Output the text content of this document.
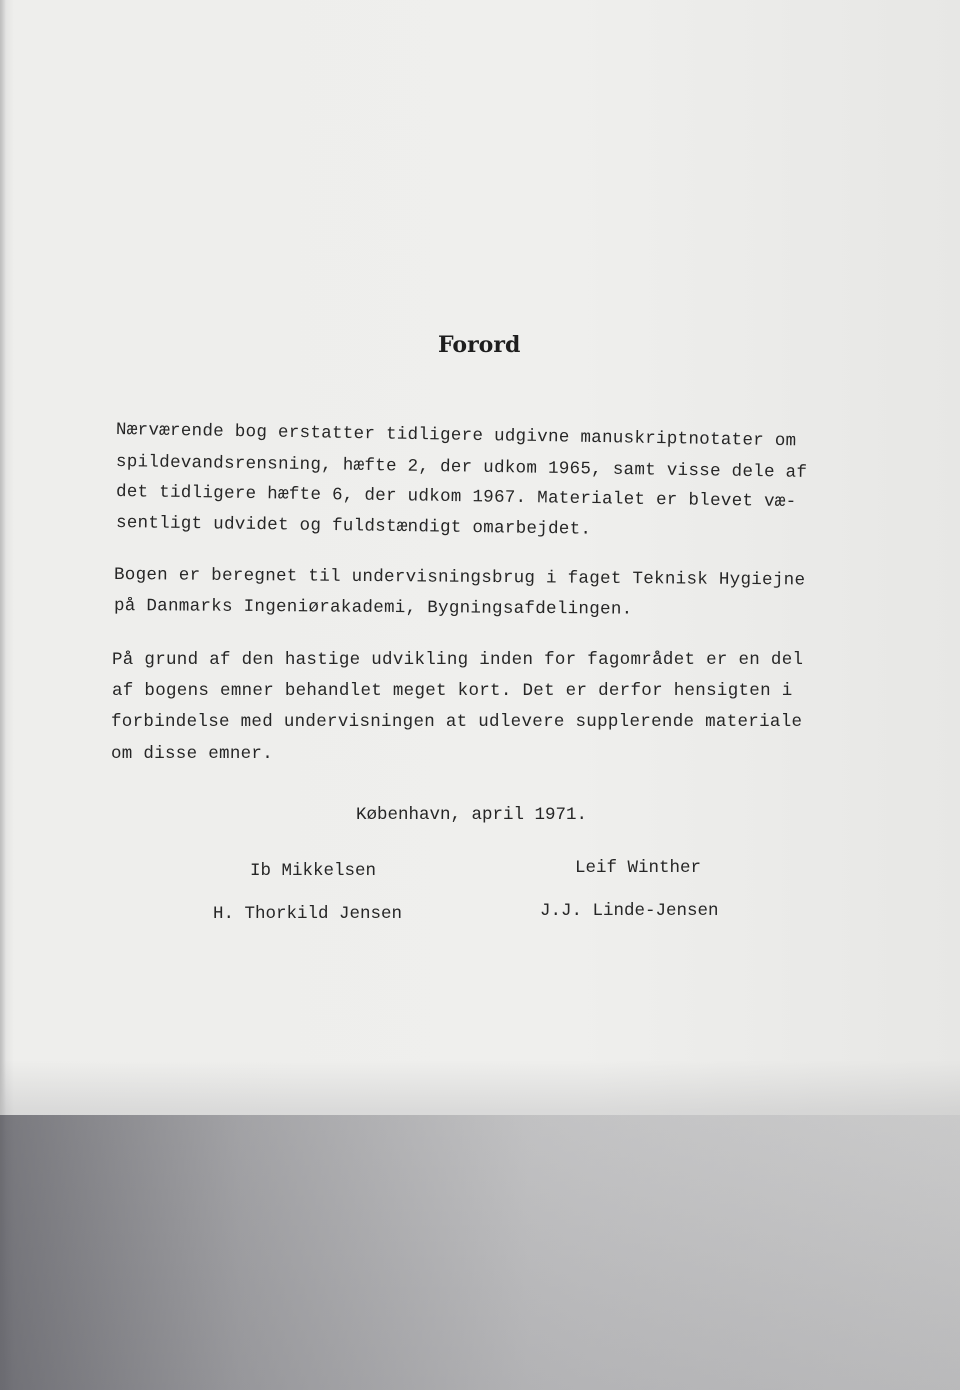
Forord
Nærværende bog erstatter tidligere udgivne manuskriptnotater om
spildevandsrensning, hæfte 2, der udkom 1965, samt visse dele af
det tidligere hæfte 6, der udkom 1967. Materialet er blevet væ-
sentligt udvidet og fuldstændigt omarbejdet.
Bogen er beregnet til undervisningsbrug i faget Teknisk Hygiejne
på Danmarks Ingeniørakademi, Bygningsafdelingen.
På grund af den hastige udvikling inden for fagområdet er en del
af bogens emner behandlet meget kort. Det er derfor hensigten i
forbindelse med undervisningen at udlevere supplerende materiale
om disse emner.
København, april 1971.
Ib Mikkelsen	Leif Winther
H. Thorkild Jensen	J.J. Linde-Jensen
